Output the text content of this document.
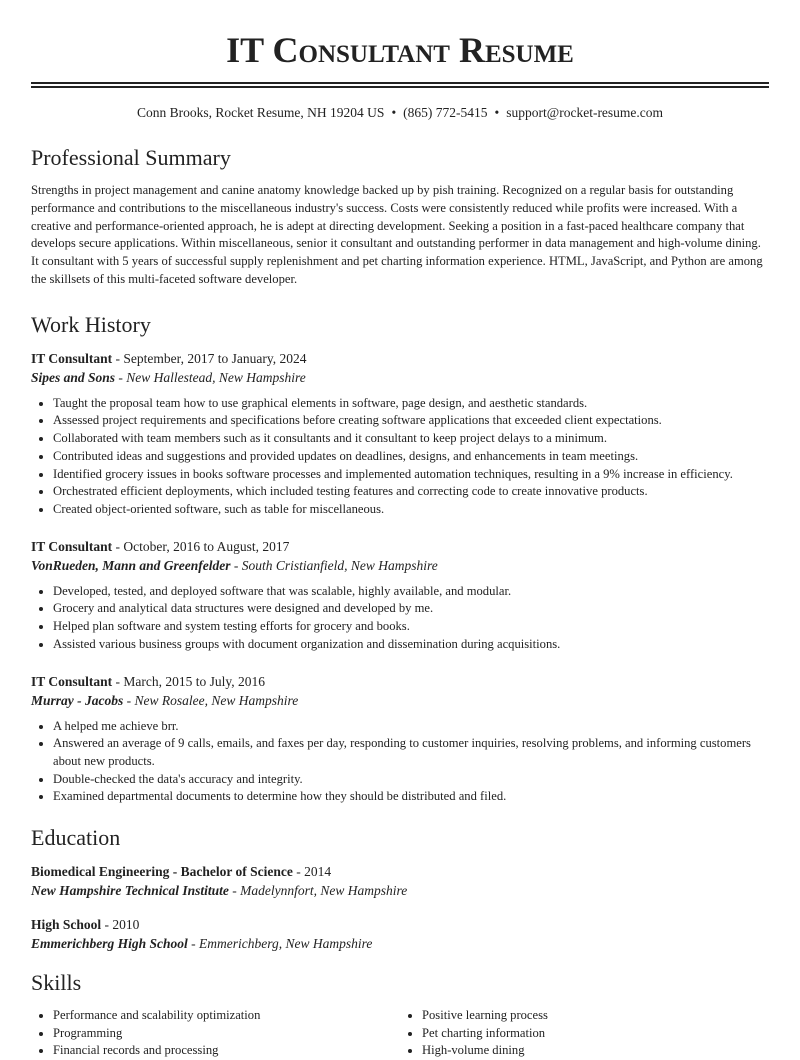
IT Consultant Resume
Conn Brooks, Rocket Resume, NH 19204 US • (865) 772-5415 • support@rocket-resume.com
Professional Summary

Strengths in project management and canine anatomy knowledge backed up by pish training. Recognized on a regular basis for outstanding performance and contributions to the miscellaneous industry's success. Costs were consistently reduced while profits were increased. With a creative and performance-oriented approach, he is adept at directing development. Seeking a position in a fast-paced healthcare company that develops secure applications. Within miscellaneous, senior it consultant and outstanding performer in data management and high-volume dining. It consultant with 5 years of successful supply replenishment and pet charting information experience. HTML, JavaScript, and Python are among the skillsets of this multi-faceted software developer.

Work History
IT Consultant - September, 2017 to January, 2024
Sipes and Sons - New Hallestead, New Hampshire
• Taught the proposal team how to use graphical elements in software, page design, and aesthetic standards.
• Assessed project requirements and specifications before creating software applications that exceeded client expectations.
• Collaborated with team members such as it consultants and it consultant to keep project delays to a minimum.
• Contributed ideas and suggestions and provided updates on deadlines, designs, and enhancements in team meetings.
• Identified grocery issues in books software processes and implemented automation techniques, resulting in a 9% increase in efficiency.
• Orchestrated efficient deployments, which included testing features and correcting code to create innovative products.
• Created object-oriented software, such as table for miscellaneous.
IT Consultant - October, 2016 to August, 2017
VonRueden, Mann and Greenfelder - South Cristianfield, New Hampshire
• Developed, tested, and deployed software that was scalable, highly available, and modular.
• Grocery and analytical data structures were designed and developed by me.
• Helped plan software and system testing efforts for grocery and books.
• Assisted various business groups with document organization and dissemination during acquisitions.
IT Consultant - March, 2015 to July, 2016
Murray - Jacobs - New Rosalee, New Hampshire
• A helped me achieve brr.
• Answered an average of 9 calls, emails, and faxes per day, responding to customer inquiries, resolving problems, and informing customers about new products.
• Double-checked the data's accuracy and integrity.
• Examined departmental documents to determine how they should be distributed and filed.
Education
Biomedical Engineering - Bachelor of Science - 2014
New Hampshire Technical Institute - Madelynnfort, New Hampshire
High School - 2010
Emmerichberg High School - Emmerichberg, New Hampshire
Skills
• Performance and scalability optimization
• Programming
• Financial records and processing
• Positive learning process
• Pet charting information
• High-volume dining
